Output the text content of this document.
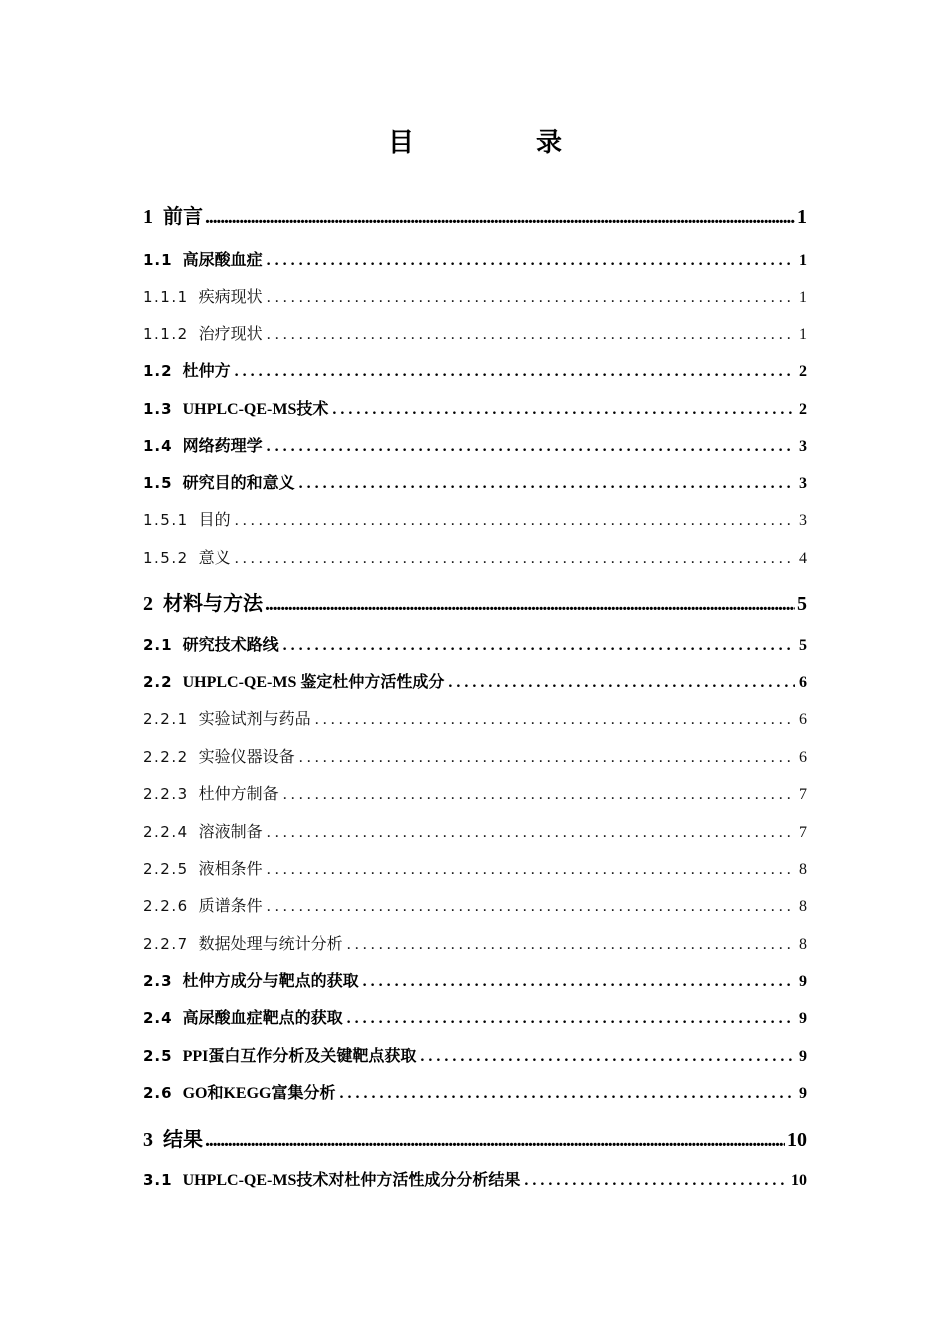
目　录
1 前言 .....	1
1.1 高尿酸血症 . . .	1
1.1.1 疾病现状 . . .	1
1.1.2 治疗现状 . . .	1
1.2 杜仲方 . . .	2
1.3 UHPLC-QE-MS技术 . . .	2
1.4 网络药理学 . . .	3
1.5 研究目的和意义 . . .	3
1.5.1 目的 . . .	3
1.5.2 意义 . . .	4
2 材料与方法 .....	5
2.1 研究技术路线 . . .	5
2.2 UHPLC-QE-MS 鉴定杜仲方活性成分 . . .	6
2.2.1 实验试剂与药品 . . .	6
2.2.2 实验仪器设备 . . .	6
2.2.3 杜仲方制备 . . .	7
2.2.4 溶液制备 . . .	7
2.2.5 液相条件 . . .	8
2.2.6 质谱条件 . . .	8
2.2.7 数据处理与统计分析 . . .	8
2.3 杜仲方成分与靶点的获取 . . .	9
2.4 高尿酸血症靶点的获取 . . .	9
2.5 PPI蛋白互作分析及关键靶点获取 . . .	9
2.6 GO和KEGG富集分析 . . .	9
3 结果 .....	10
3.1 UHPLC-QE-MS技术对杜仲方活性成分分析结果 . . .	10
